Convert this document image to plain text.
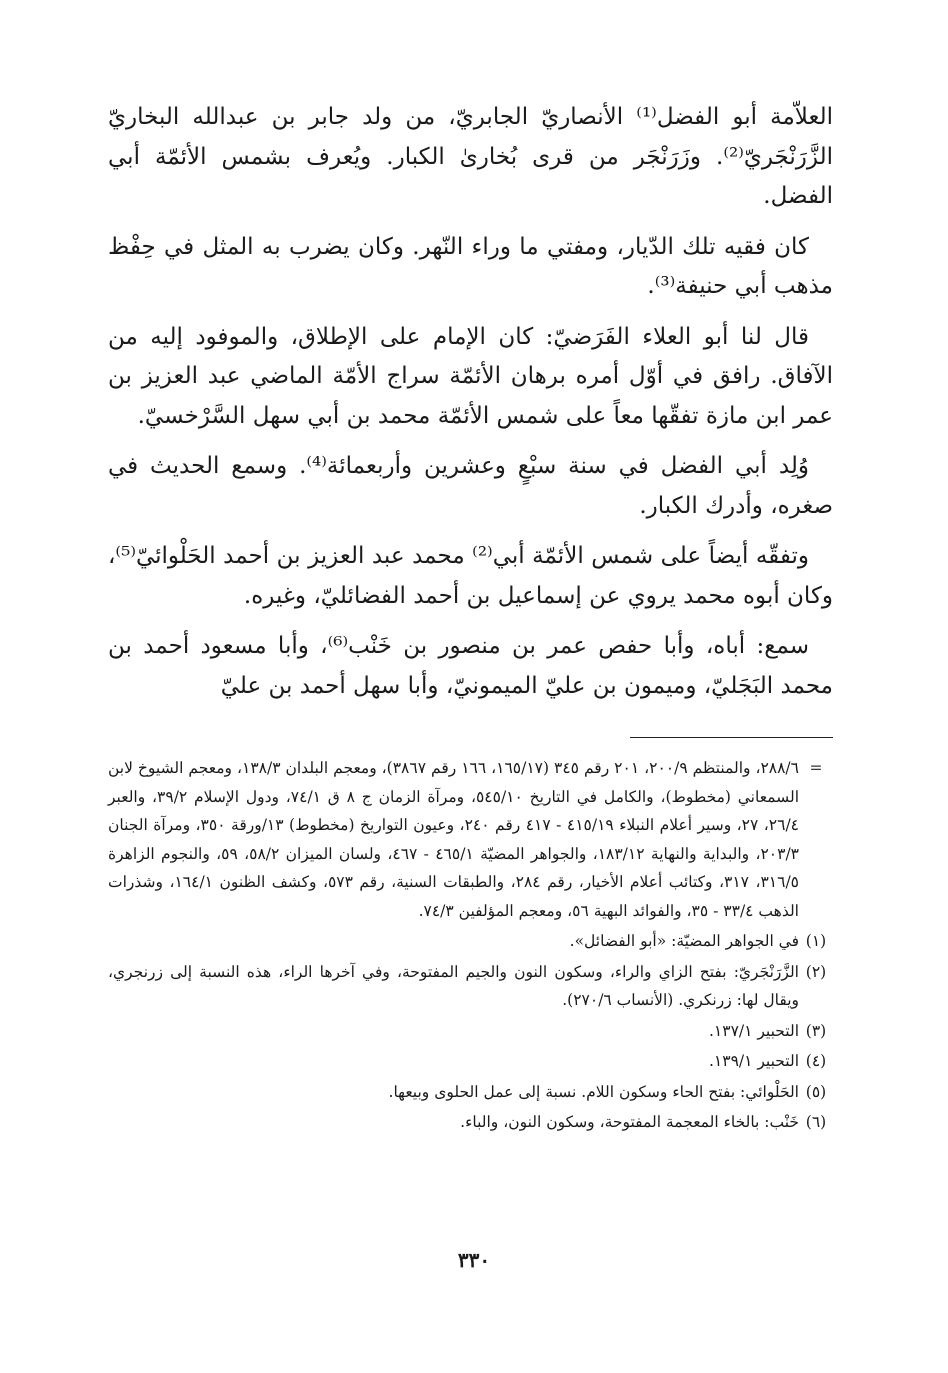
العلاّمة أبو الفضل⁽¹⁾ الأنصاريّ الجابريّ، من ولد جابر بن عبدالله البخاريّ الزَّرَنْجَريّ⁽²⁾. وزَرَنْجَر من قرى بُخارىٰ الكبار. ويُعرف بشمس الأئمّة أبي الفضل.

كان فقيه تلك الدّيار، ومفتي ما وراء النّهر. وكان يضرب به المثل في حِفْظ مذهب أبي حنيفة⁽³⁾.

قال لنا أبو العلاء الفَرَضيّ: كان الإمام على الإطلاق، والموفود إليه من الآفاق. رافق في أوّل أمره برهان الأئمّة سراج الأمّة الماضي عبد العزيز بن عمر ابن مازة تفقّها معاً على شمس الأئمّة محمد بن أبي سهل السَّرْخسيّ.

وُلِد أبي الفضل في سنة سبْعٍ وعشرين وأربعمائة⁽⁴⁾. وسمع الحديث في صغره، وأدرك الكبار.

وتفقّه أيضاً على شمس الأئمّة أبي⁽²⁾ محمد عبد العزيز بن أحمد الحَلْوائيّ⁽⁵⁾، وكان أبوه محمد يروي عن إسماعيل بن أحمد الفضائليّ، وغيره.

سمع: أباه، وأبا حفص عمر بن منصور بن خَنْب⁽⁶⁾، وأبا مسعود أحمد بن محمد البَجَليّ، وميمون بن عليّ الميمونيّ، وأبا سهل أحمد بن عليّ

=
٢٨٨/٦، والمنتظم ٢٠٠/٩، ٢٠١ رقم ٣٤٥ (١٦٥/١٧، ١٦٦ رقم ٣٨٦٧)، ومعجم البلدان ١٣٨/٣، ومعجم الشيوخ لابن السمعاني (مخطوط)، والكامل في التاريخ ٥٤٥/١٠، ومرآة الزمان ج ٨ ق ٧٤/١، ودول الإسلام ٣٩/٢، والعبر ٢٦/٤، ٢٧، وسير أعلام النبلاء ٤١٥/١٩ - ٤١٧ رقم ٢٤٠، وعيون التواريخ (مخطوط) ١٣/ورقة ٣٥٠، ومرآة الجنان ٢٠٣/٣، والبداية والنهاية ١٨٣/١٢، والجواهر المضيّة ٤٦٥/١ - ٤٦٧، ولسان الميزان ٥٨/٢، ٥٩، والنجوم الزاهرة ٣١٦/٥، ٣١٧، وكتائب أعلام الأخيار، رقم ٢٨٤، والطبقات السنية، رقم ٥٧٣، وكشف الظنون ١٦٤/١، وشذرات الذهب ٣٣/٤ - ٣٥، والفوائد البهية ٥٦، ومعجم المؤلفين ٧٤/٣.
(١)
في الجواهر المضيّة: «أبو الفضائل».
(٢)
الزَّرَنْجَريّ: بفتح الزاي والراء، وسكون النون والجيم المفتوحة، وفي آخرها الراء، هذه النسبة إلى زرنجري، ويقال لها: زرنكري. (الأنساب ٢٧٠/٦).
(٣)
التحبير ١٣٧/١.
(٤)
التحبير ١٣٩/١.
(٥)
الحَلْوائي: بفتح الحاء وسكون اللام. نسبة إلى عمل الحلوى وبيعها.
(٦)
خَنْب: بالخاء المعجمة المفتوحة، وسكون النون، والباء.
٣٣٠
